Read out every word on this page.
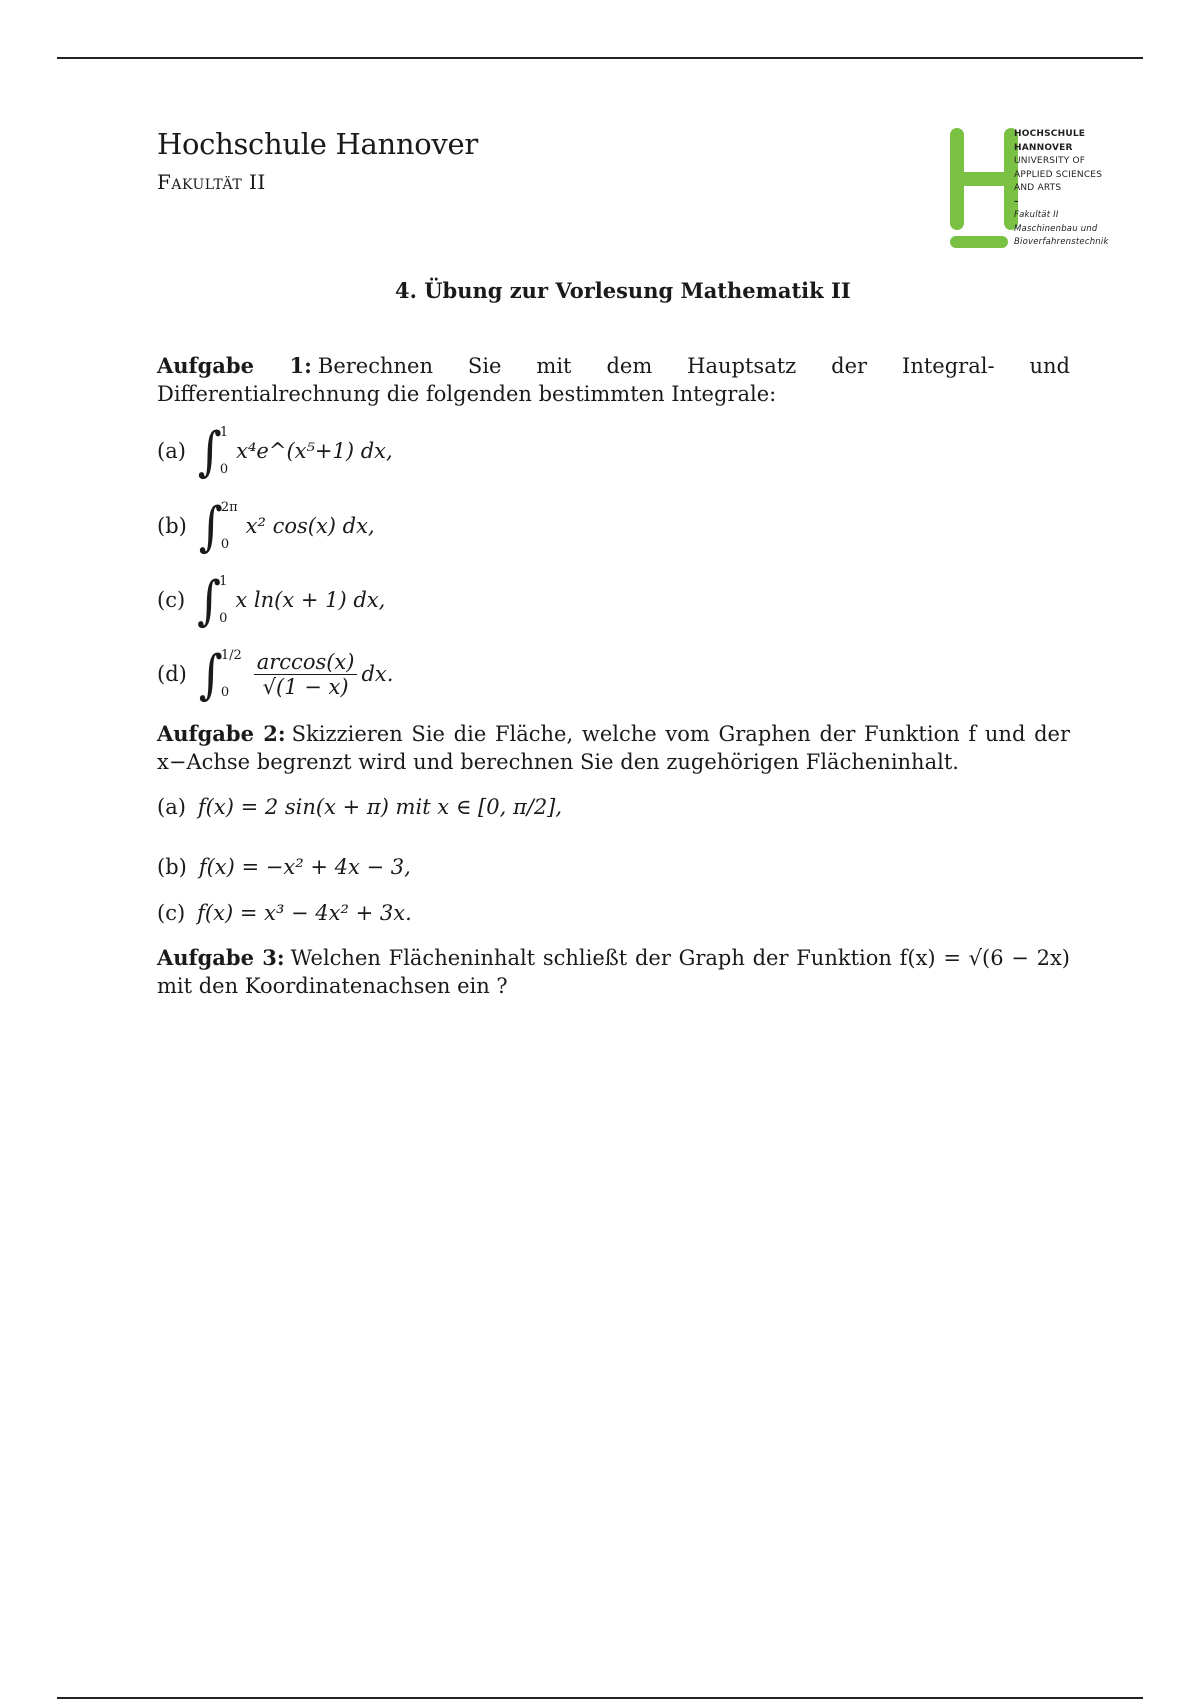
Hochschule Hannover
Fakultät II
HOCHSCHULE
HANNOVER
UNIVERSITY OF
APPLIED SCIENCES
AND ARTS
–
Fakultät II
Maschinenbau und
Bioverfahrenstechnik
4. Übung zur Vorlesung Mathematik II
Aufgabe 1: Berechnen Sie mit dem Hauptsatz der Integral- und Differentialrechnung die folgenden bestimmten Integrale:
(a) ∫
1
0
x⁴e^(x⁵+1) dx,
(b) ∫
2π
0
x² cos(x) dx,
(c) ∫
1
0
x ln(x + 1) dx,
(d) ∫
1/2
0	$\frac{\arccos(x)}{√(1 - x)}$ dx.
Aufgabe 2: Skizzieren Sie die Fläche, welche vom Graphen der Funktion f und der x−Achse begrenzt wird und berechnen Sie den zugehörigen Flächeninhalt.
(a) f(x) = 2 sin(x + π) mit x ∈ [0, π/2],
(b) f(x) = −x² + 4x − 3,
(c) f(x) = x³ − 4x² + 3x.
Aufgabe 3: Welchen Flächeninhalt schließt der Graph der Funktion f(x) = √(6 − 2x) mit den Koordinatenachsen ein ?
